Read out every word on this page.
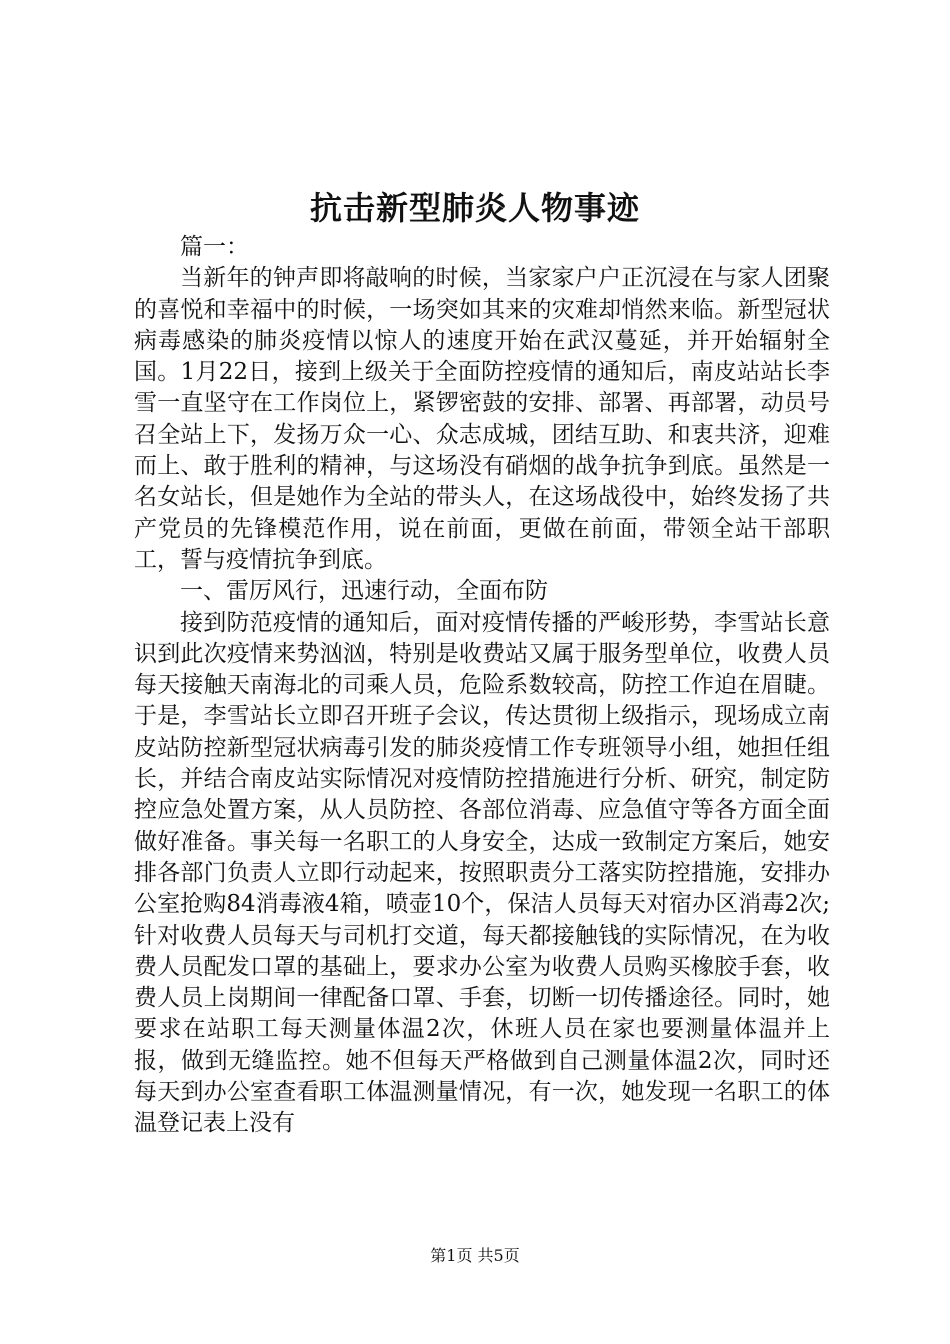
抗击新型肺炎人物事迹

篇一：

当新年的钟声即将敲响的时候，当家家户户正沉浸在与家人团聚的喜悦和幸福中的时候，一场突如其来的灾难却悄然来临。新型冠状病毒感染的肺炎疫情以惊人的速度开始在武汉蔓延，并开始辐射全国。1月22日，接到上级关于全面防控疫情的通知后，南皮站站长李雪一直坚守在工作岗位上，紧锣密鼓的安排、部署、再部署，动员号召全站上下，发扬万众一心、众志成城，团结互助、和衷共济，迎难而上、敢于胜利的精神，与这场没有硝烟的战争抗争到底。虽然是一名女站长，但是她作为全站的带头人，在这场战役中，始终发扬了共产党员的先锋模范作用，说在前面，更做在前面，带领全站干部职工，誓与疫情抗争到底。

一、雷厉风行，迅速行动，全面布防

接到防范疫情的通知后，面对疫情传播的严峻形势，李雪站长意识到此次疫情来势汹汹，特别是收费站又属于服务型单位，收费人员每天接触天南海北的司乘人员，危险系数较高，防控工作迫在眉睫。于是，李雪站长立即召开班子会议，传达贯彻上级指示，现场成立南皮站防控新型冠状病毒引发的肺炎疫情工作专班领导小组，她担任组长，并结合南皮站实际情况对疫情防控措施进行分析、研究，制定防控应急处置方案，从人员防控、各部位消毒、应急值守等各方面全面做好准备。事关每一名职工的人身安全，达成一致制定方案后，她安排各部门负责人立即行动起来，按照职责分工落实防控措施，安排办公室抢购84消毒液4箱，喷壶10个，保洁人员每天对宿办区消毒2次;针对收费人员每天与司机打交道，每天都接触钱的实际情况，在为收费人员配发口罩的基础上，要求办公室为收费人员购买橡胶手套，收费人员上岗期间一律配备口罩、手套，切断一切传播途径。同时，她要求在站职工每天测量体温2次，休班人员在家也要测量体温并上报，做到无缝监控。她不但每天严格做到自己测量体温2次，同时还每天到办公室查看职工体温测量情况，有一次，她发现一名职工的体温登记表上没有

第1页 共5页
